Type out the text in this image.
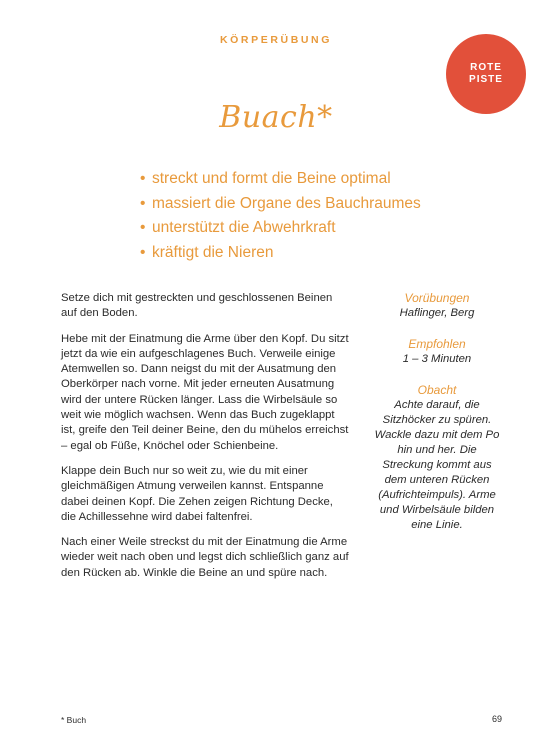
KÖRPERÜBUNG
ROTE
PISTE
Buach*
• streckt und formt die Beine optimal
• massiert die Organe des Bauchraumes
• unterstützt die Abwehrkraft
• kräftigt die Nieren

Setze dich mit gestreckten und geschlossenen Beinen auf den Boden.

Hebe mit der Einatmung die Arme über den Kopf. Du sitzt jetzt da wie ein aufgeschlagenes Buch. Verweile einige Atemwellen so. Dann neigst du mit der Ausatmung den Oberkörper nach vorne. Mit jeder erneuten Ausatmung wird der untere Rücken länger. Lass die Wirbelsäule so weit wie möglich wachsen. Wenn das Buch zugeklappt ist, greife den Teil deiner Beine, den du mühelos erreichst – egal ob Füße, Knöchel oder Schienbeine.

Klappe dein Buch nur so weit zu, wie du mit einer gleichmäßigen Atmung verweilen kannst. Entspanne dabei deinen Kopf. Die Zehen zeigen Richtung Decke, die Achillessehne wird dabei faltenfrei.

Nach einer Weile streckst du mit der Einatmung die Arme wieder weit nach oben und legst dich schließlich ganz auf den Rücken ab. Winkle die Beine an und spüre nach.

Vorübungen
Haflinger, Berg
Empfohlen
1 – 3 Minuten
Obacht
Achte darauf, die Sitzhöcker zu spüren. Wackle dazu mit dem Po hin und her. Die Streckung kommt aus dem unteren Rücken (Aufrichteimpuls). Arme und Wirbelsäule bilden eine Linie.
* Buch	69
